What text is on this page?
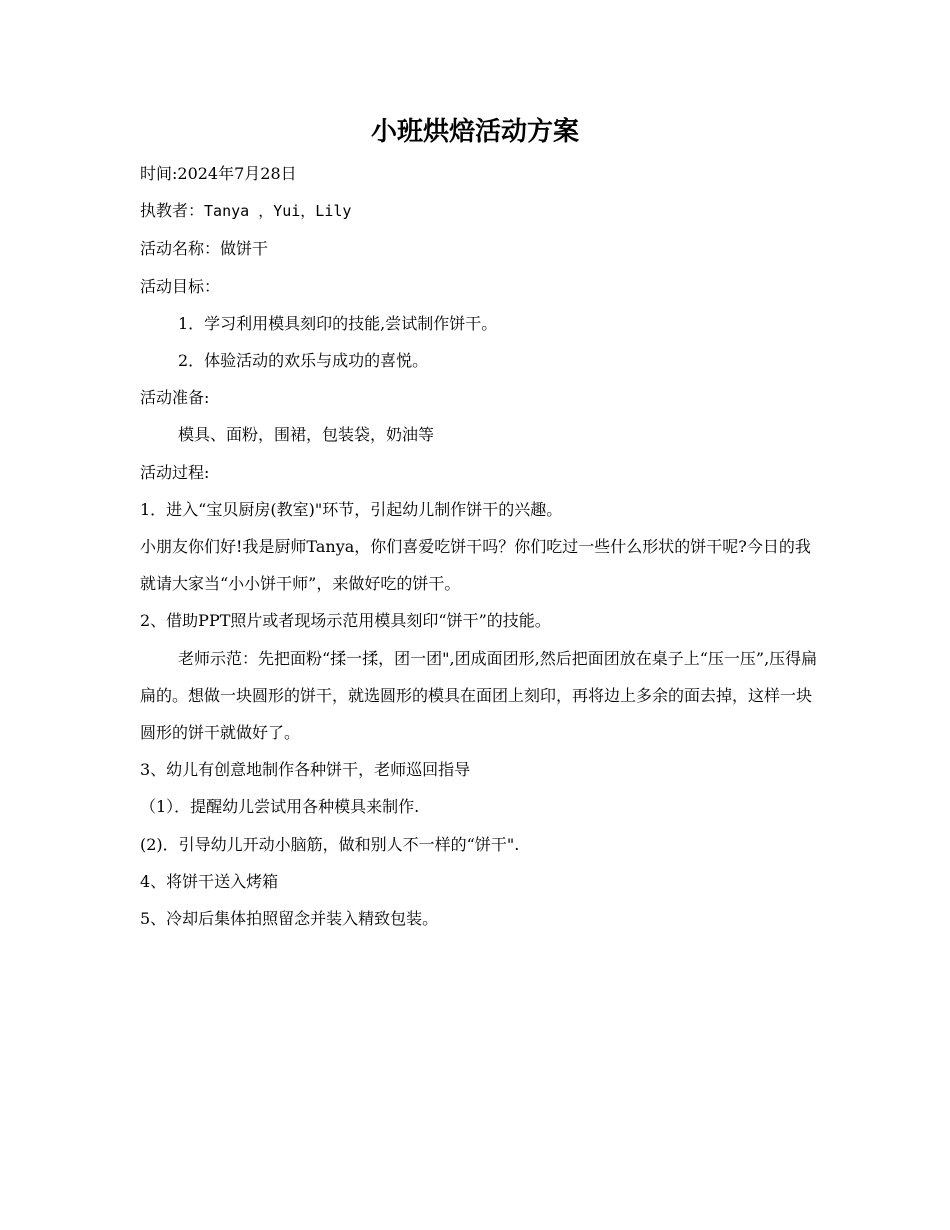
小班烘焙活动方案

时间:2024年7月28日

执教者：Tanya ，Yui，Lily

活动名称：做饼干

活动目标：

1．学习利用模具刻印的技能,尝试制作饼干。

2．体验活动的欢乐与成功的喜悦。

活动准备:

模具、面粉，围裙，包装袋，奶油等

活动过程:

1．进入“宝贝厨房(教室)"环节，引起幼儿制作饼干的兴趣。

小朋友你们好!我是厨师Tanya，你们喜爱吃饼干吗？你们吃过一些什么形状的饼干呢?今日的我就请大家当“小小饼干师”，来做好吃的饼干。

2、借助PPT照片或者现场示范用模具刻印“饼干”的技能。

老师示范：先把面粉“揉一揉，团一团",团成面团形,然后把面团放在桌子上“压一压”,压得扁扁的。想做一块圆形的饼干，就选圆形的模具在面团上刻印，再将边上多余的面去掉，这样一块圆形的饼干就做好了。

3、幼儿有创意地制作各种饼干，老师巡回指导

（1）．提醒幼儿尝试用各种模具来制作.

(2)．引导幼儿开动小脑筋，做和别人不一样的“饼干".

4、将饼干送入烤箱

5、冷却后集体拍照留念并装入精致包装。
